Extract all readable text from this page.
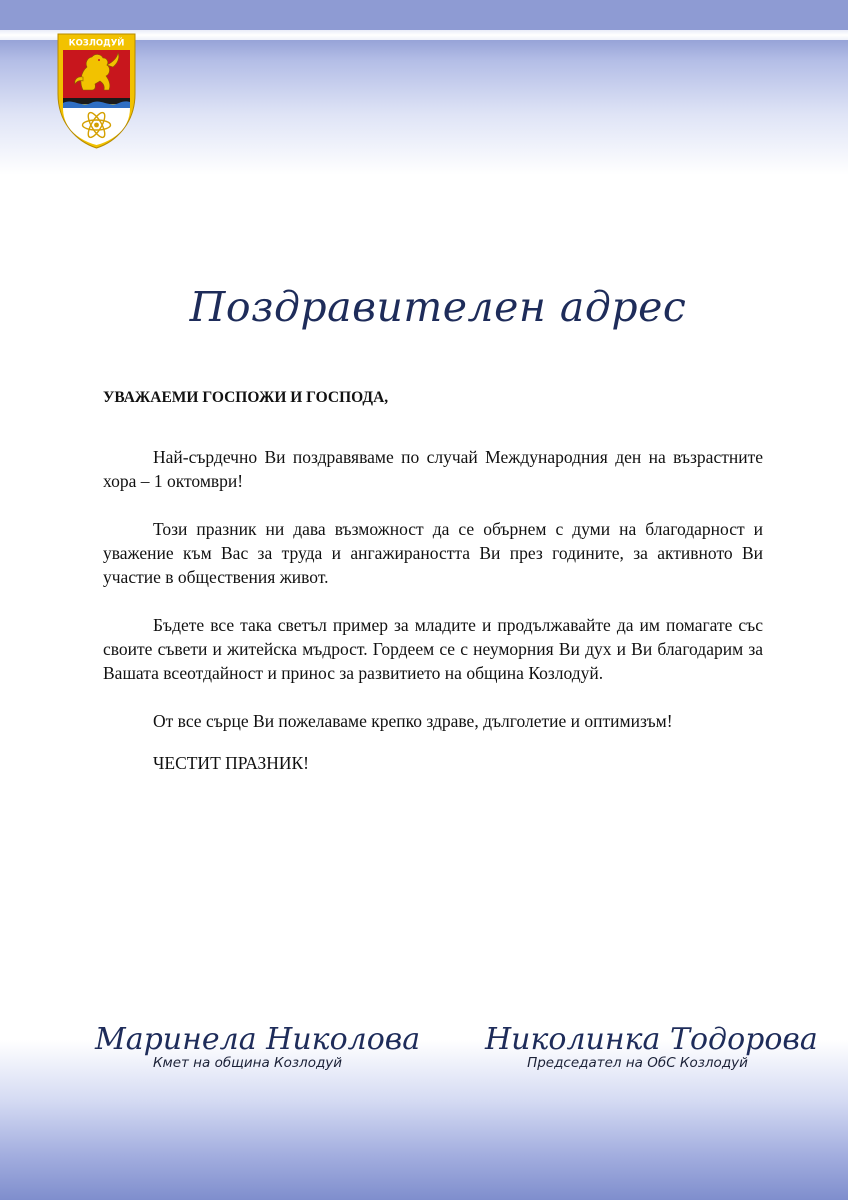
КОЗЛОДУЙ
Поздравителен адрес
УВАЖАЕМИ ГОСПОЖИ И ГОСПОДА,

Най-сърдечно Ви поздравяваме по случай Международния ден на възрастните хора – 1 октомври!

Този празник ни дава възможност да се обърнем с думи на благодарност и уважение към Вас за труда и ангажираността Ви през годините, за активното Ви участие в обществения живот.

Бъдете все така светъл пример за младите и продължавайте да им помагате със своите съвети и житейска мъдрост. Гордеем се с неуморния Ви дух и Ви благодарим за Вашата всеотдайност и принос за развитието на община Козлодуй.

От все сърце Ви пожелаваме крепко здраве, дълголетие и оптимизъм!

ЧЕСТИТ ПРАЗНИК!

Маринела Николова
Кмет на община Козлодуй
Николинка Тодорова
Председател на ОбС Козлодуй
